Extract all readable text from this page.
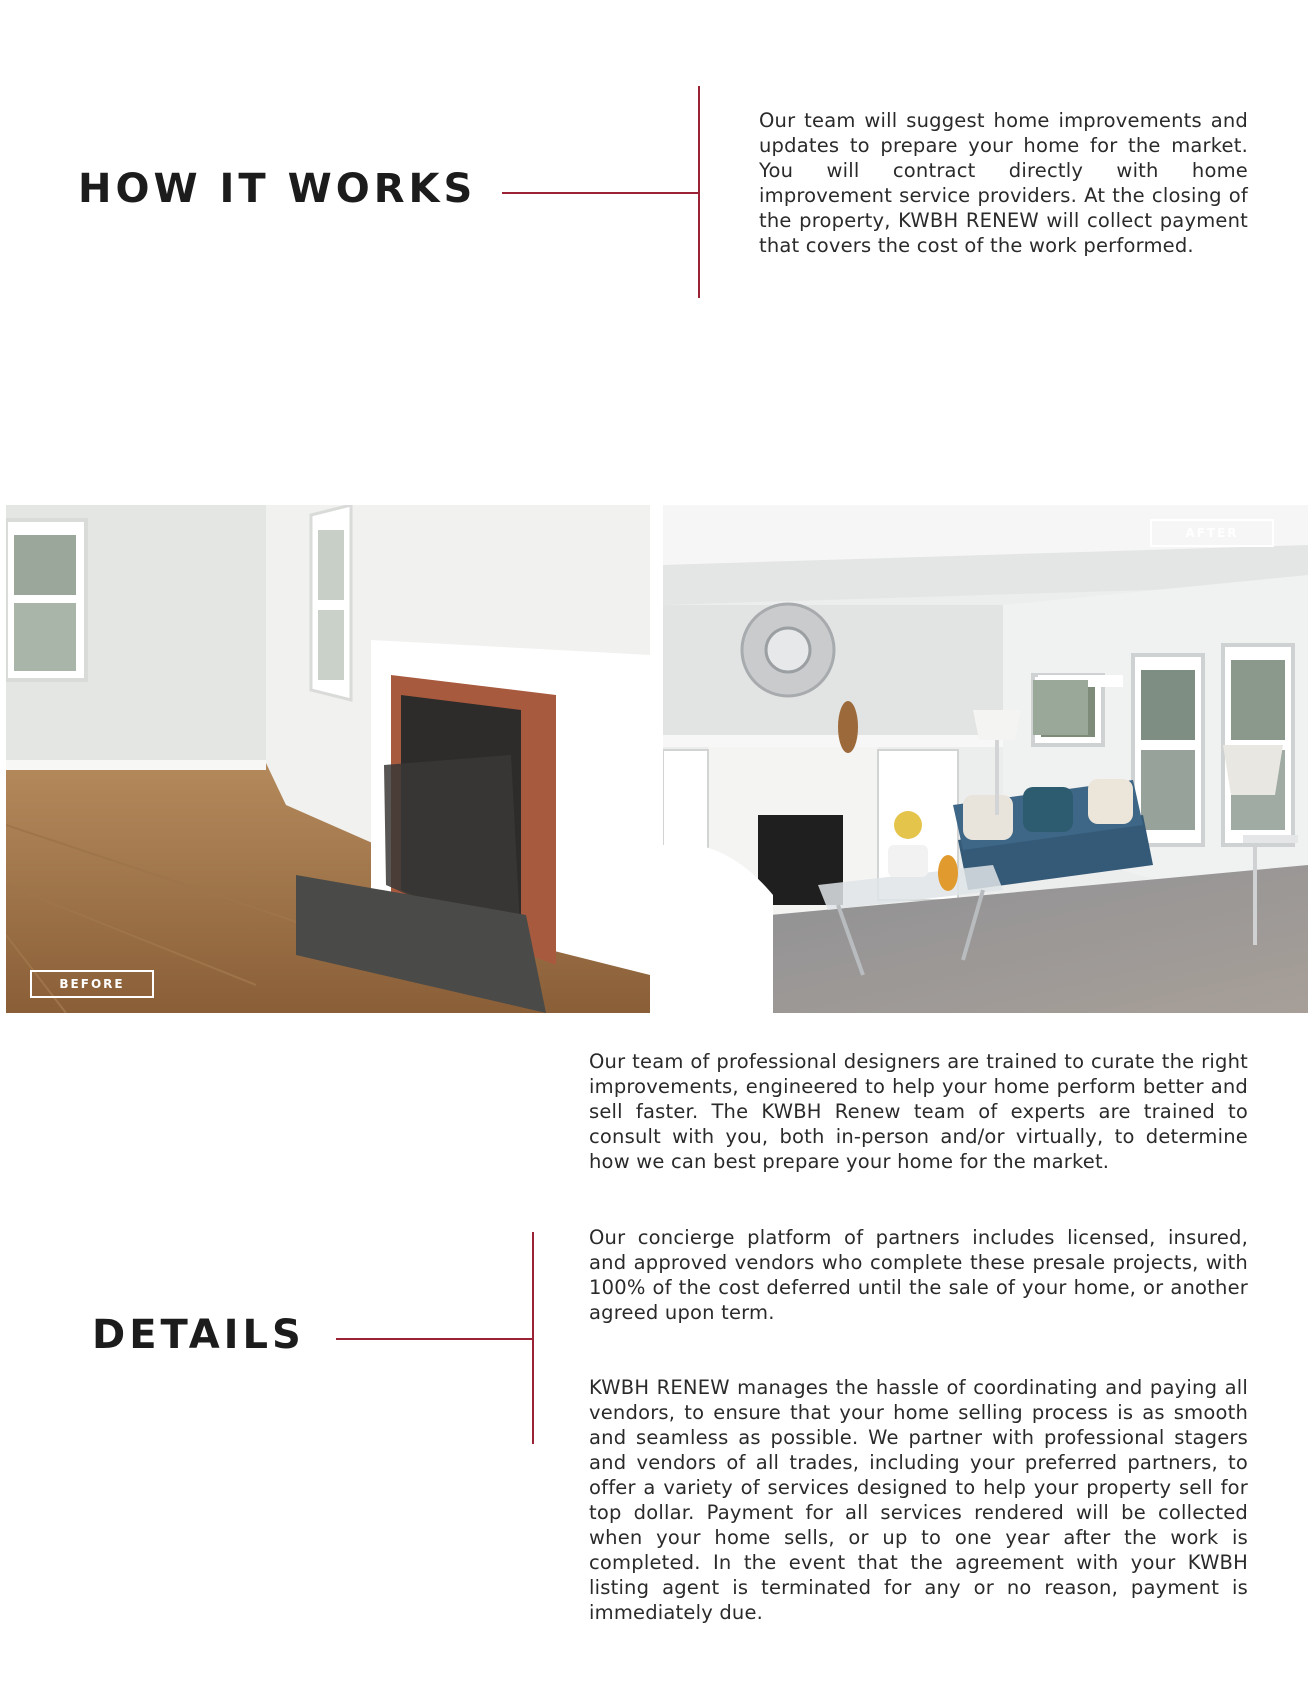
HOW IT WORKS

Our team will suggest home improvements and updates to prepare your home for the market. You will contract directly with home improvement service providers. At the closing of the property, KWBH RENEW will collect payment that covers the cost of the work performed.

BEFORE
AFTER

Our team of professional designers are trained to curate the right improvements, engineered to help your home perform better and sell faster. The KWBH Renew team of experts are trained to consult with you, both in-person and/or virtually, to determine how we can best prepare your home for the market.

DETAILS

Our concierge platform of partners includes licensed, insured, and approved vendors who complete these presale projects, with 100% of the cost deferred until the sale of your home, or another agreed upon term.

KWBH RENEW manages the hassle of coordinating and paying all vendors, to ensure that your home selling process is as smooth and seamless as possible. We partner with professional stagers and vendors of all trades, including your preferred partners, to offer a variety of services designed to help your property sell for top dollar. Payment for all services rendered will be collected when your home sells, or up to one year after the work is completed. In the event that the agreement with your KWBH listing agent is terminated for any or no reason, payment is immediately due.
